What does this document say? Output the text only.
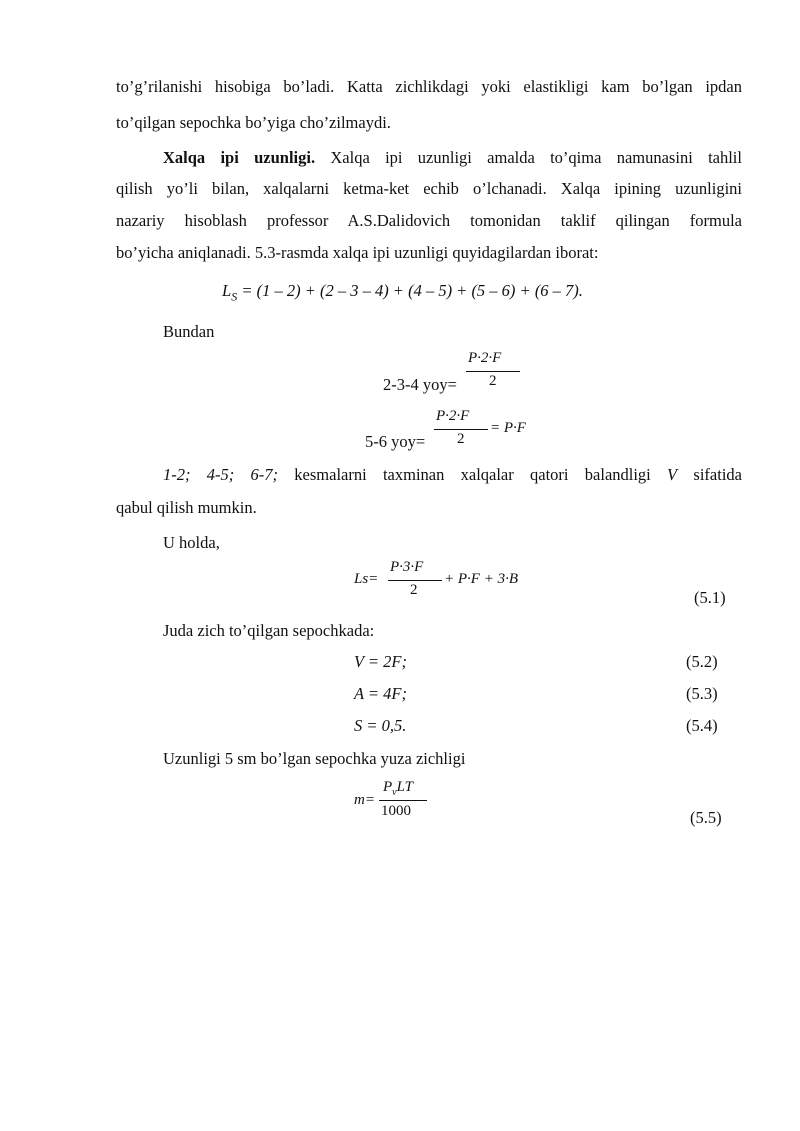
to’g’rilanishi hisobiga bo’ladi. Katta zichlikdagi yoki elastikligi kam bo’lgan ipdan
to’qilgan sepochka bo’yiga cho’zilmaydi.
Xalqa ipi uzunligi. Xalqa ipi uzunligi amalda to’qima namunasini tahlil
qilish yo’li bilan, xalqalarni ketma-ket echib o’lchanadi. Xalqa ipining uzunligini
nazariy hisoblash professor A.S.Dalidovich tomonidan taklif qilingan formula
bo’yicha aniqlanadi. 5.3-rasmda xalqa ipi uzunligi quyidagilardan iborat:
$L_S = (1 - 2) + (2 - 3 - 4) + (4 - 5) + (5 - 6) + (6 - 7)$.
Bundan
2-3-4 yoy=
P·2·F
2
5-6 yoy=
P·2·F
2
= P·F
1-2; 4-5; 6-7; kesmalarni taxminan xalqalar qatori balandligi V sifatida
qabul qilish mumkin.
U holda,
Ls=
P·3·F
2
+ P·F + 3·B
(5.1)
Juda zich to’qilgan sepochkada:
V = 2F;	(5.2)
A = 4F;	(5.3)
S = 0,5.	(5.4)
Uzunligi 5 sm bo’lgan sepochka yuza zichligi
m=
$P_vLT$
1000	(5.5)
